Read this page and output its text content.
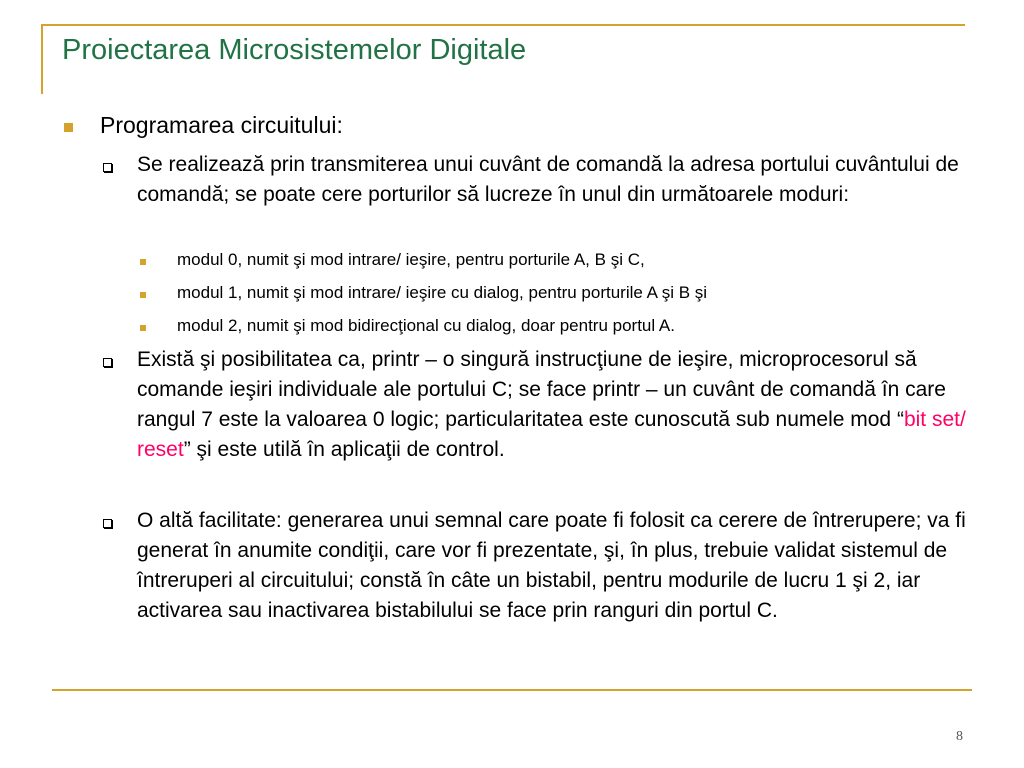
Proiectarea Microsistemelor Digitale
Programarea circuitului:
Se realizează prin transmiterea unui cuvânt de comandă la adresa portului cuvântului de comandă; se poate cere porturilor să lucreze în unul din următoarele moduri:
modul 0, numit şi mod intrare/ ieşire, pentru porturile A, B şi C,
modul 1, numit şi mod intrare/ ieşire cu dialog, pentru porturile A şi B şi
modul 2, numit şi mod bidirecţional cu dialog, doar pentru portul A.
Există şi posibilitatea ca, printr – o singură instrucţiune de ieşire, microprocesorul să comande ieşiri individuale ale portului C; se face printr – un cuvânt de comandă în care rangul 7 este la valoarea 0 logic; particularitatea este cunoscută sub numele mod “bit set/ reset” şi este utilă în aplicaţii de control.
O altă facilitate: generarea unui semnal care poate fi folosit ca cerere de întrerupere; va fi generat în anumite condiţii, care vor fi prezentate, şi, în plus, trebuie validat sistemul de întreruperi al circuitului; constă în câte un bistabil, pentru modurile de lucru 1 şi 2, iar activarea sau inactivarea bistabilului se face prin ranguri din portul C.
8
